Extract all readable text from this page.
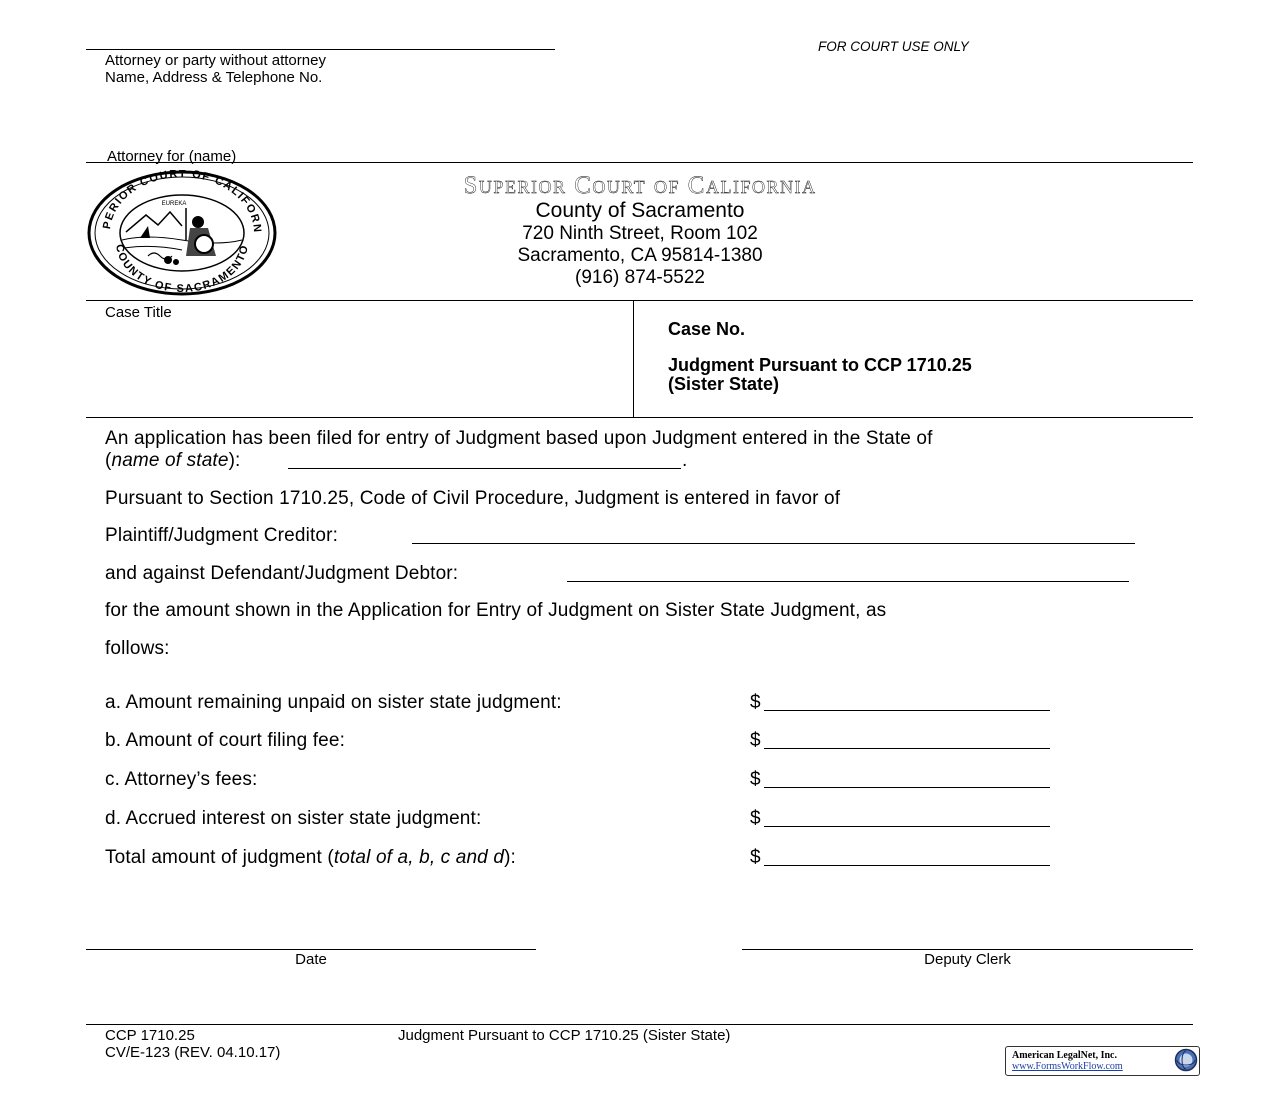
FOR COURT USE ONLY
Attorney or party without attorney
Name, Address & Telephone No.
Attorney for (name)
PERIOR COURT OF CALIFORN
COUNTY OF SACRAMENTO
EUREKA
Superior Court of California
County of Sacramento
720 Ninth Street, Room 102
Sacramento, CA 95814-1380
(916) 874-5522
Case Title
Case No.
Judgment Pursuant to CCP 1710.25
(Sister State)
An application has been filed for entry of Judgment based upon Judgment entered in the State of
(name of state):	.
Pursuant to Section 1710.25, Code of Civil Procedure, Judgment is entered in favor of
Plaintiff/Judgment Creditor:
and against Defendant/Judgment Debtor:
for the amount shown in the Application for Entry of Judgment on Sister State Judgment, as
follows:
a. Amount remaining unpaid on sister state judgment:	$
b. Amount of court filing fee:	$
c. Attorney’s fees:	$
d. Accrued interest on sister state judgment:	$
Total amount of judgment (total of a, b, c and d):	$
Date	Deputy Clerk
CCP 1710.25
CV/E-123 (REV. 04.10.17)
Judgment Pursuant to CCP 1710.25 (Sister State)
American LegalNet, Inc.
www.FormsWorkFlow.com
